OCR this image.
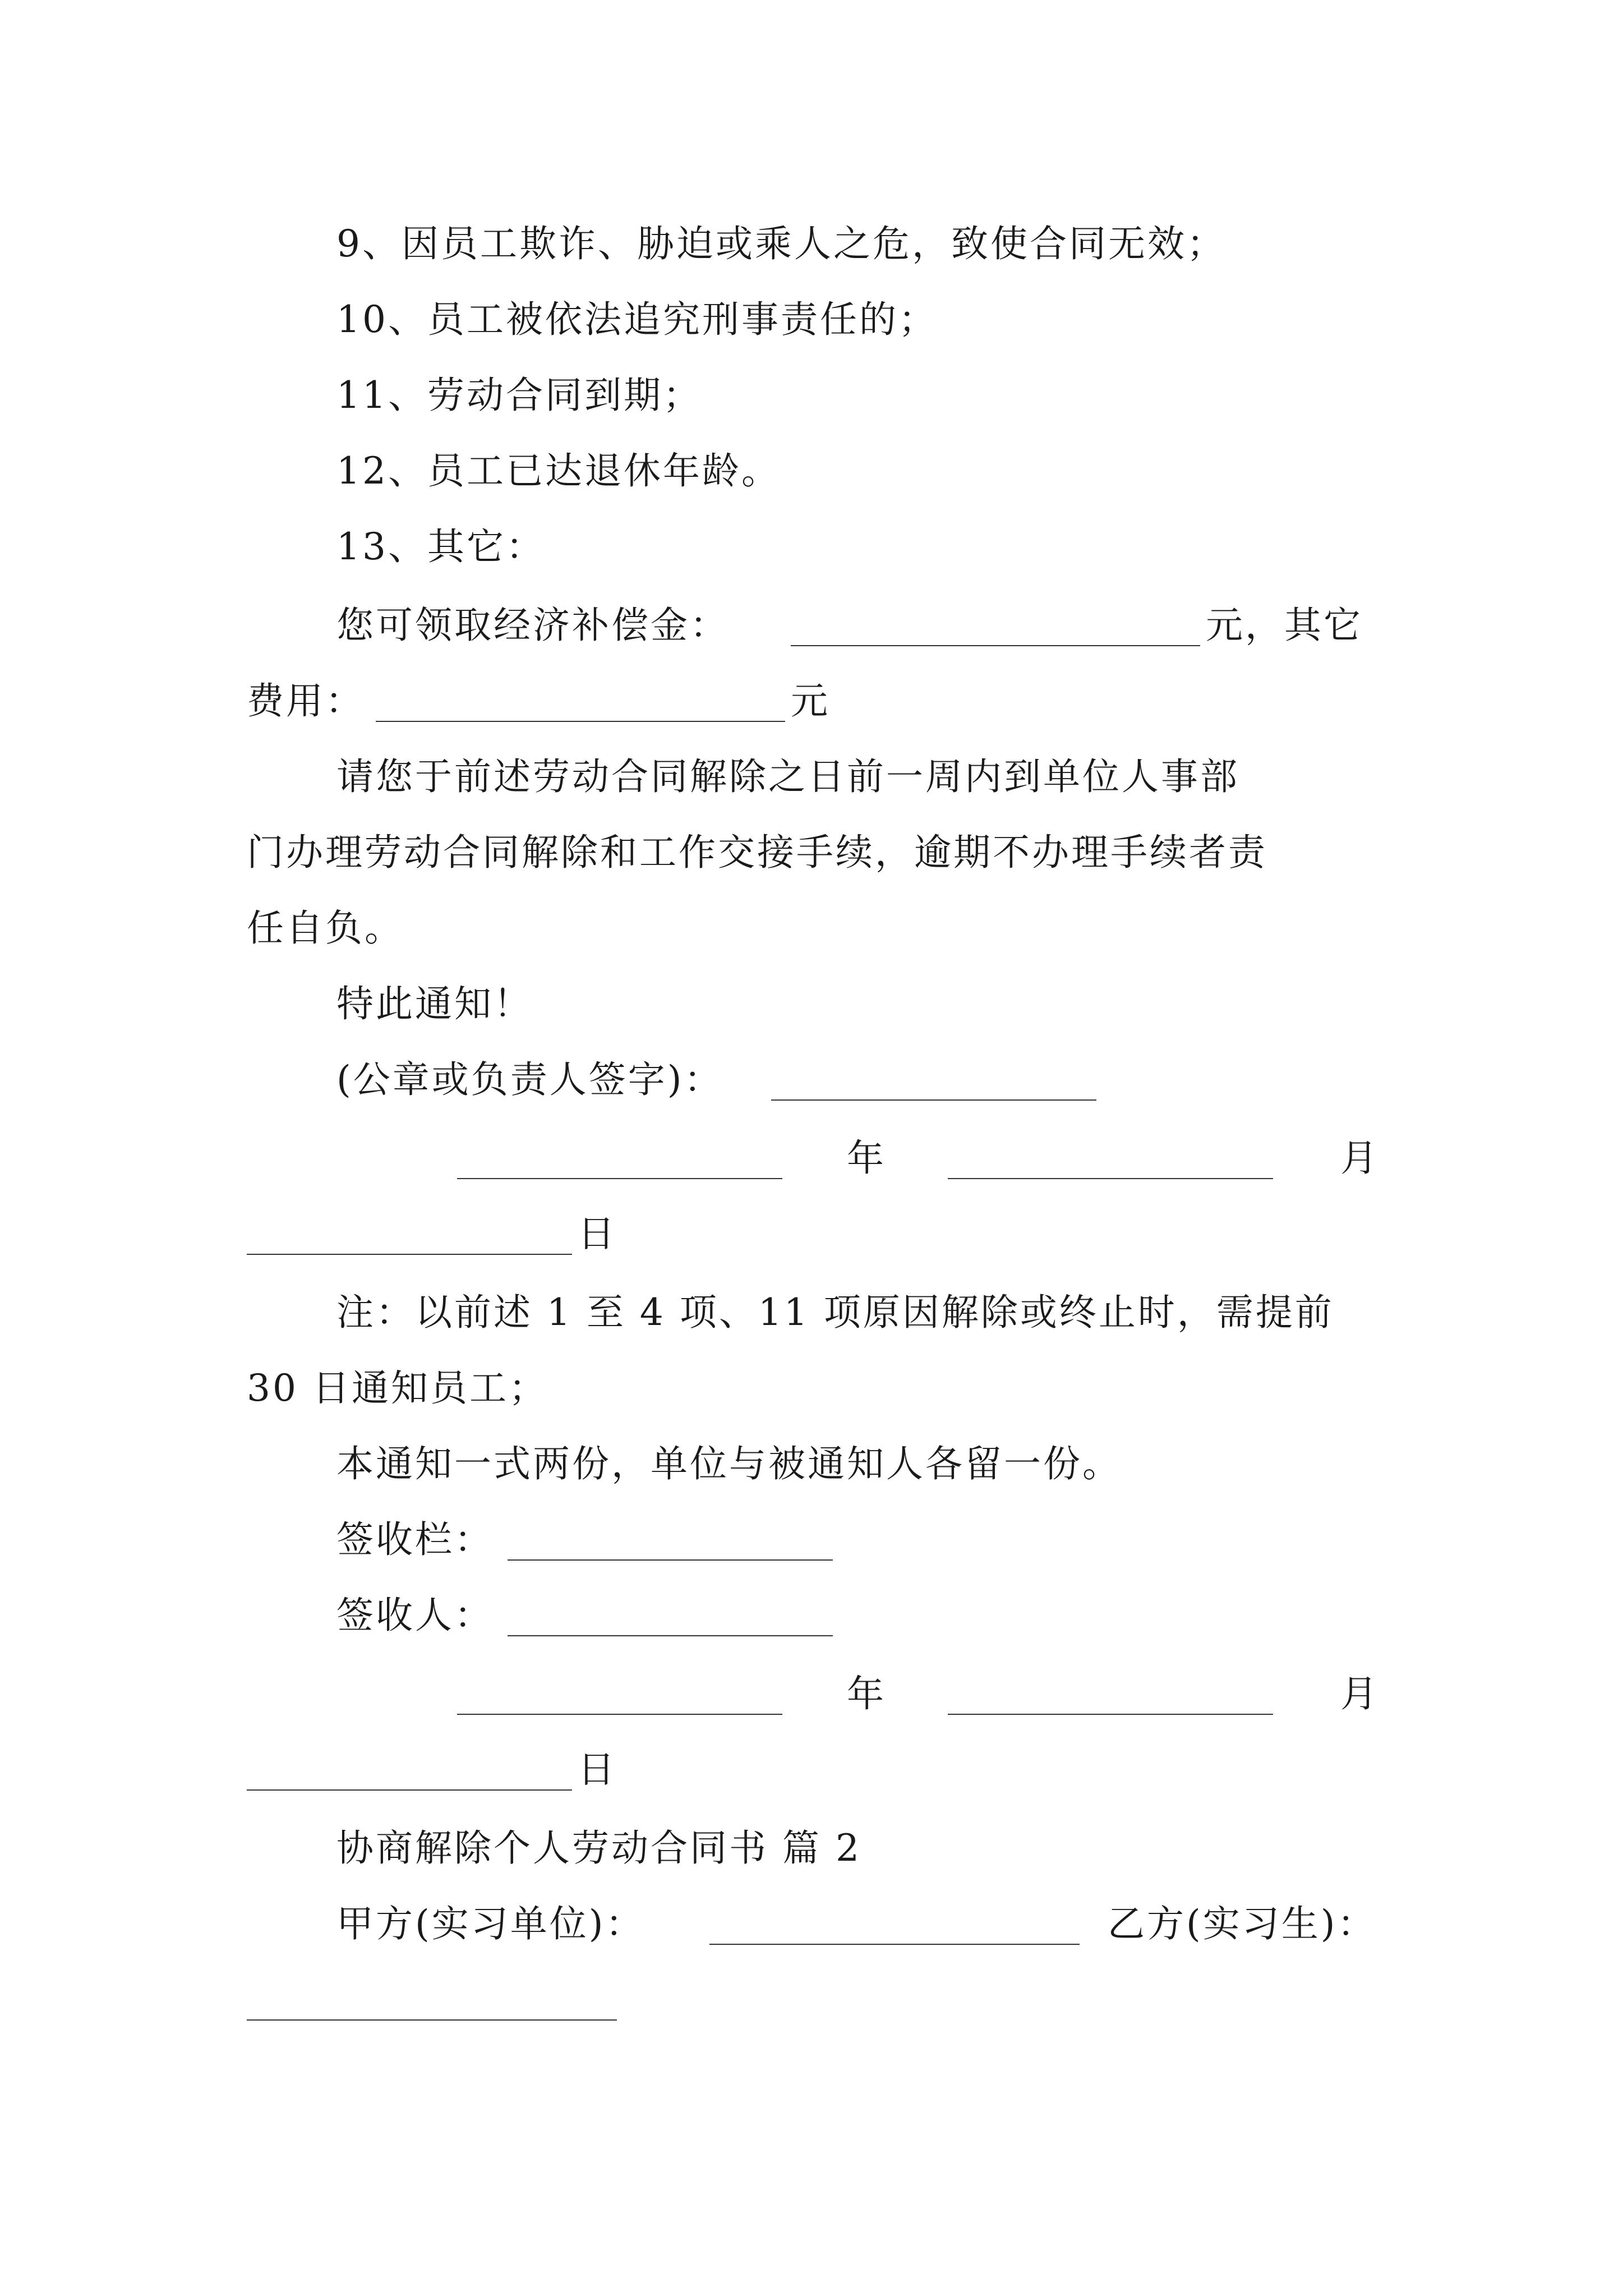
9、因员工欺诈、胁迫或乘人之危，致使合同无效；
10、员工被依法追究刑事责任的；
11、劳动合同到期；
12、员工已达退休年龄。
13、其它：
您可领取经济补偿金：	元，其它
费用：	元
请您于前述劳动合同解除之日前一周内到单位人事部
门办理劳动合同解除和工作交接手续，逾期不办理手续者责
任自负。
特此通知！
(公章或负责人签字)：
年	月
日
注：以前述 1 至 4 项、11 项原因解除或终止时，需提前
30 日通知员工；
本通知一式两份，单位与被通知人各留一份。
签收栏：
签收人：
年	月
日
协商解除个人劳动合同书 篇 2
甲方(实习单位)：	乙方(实习生)：
